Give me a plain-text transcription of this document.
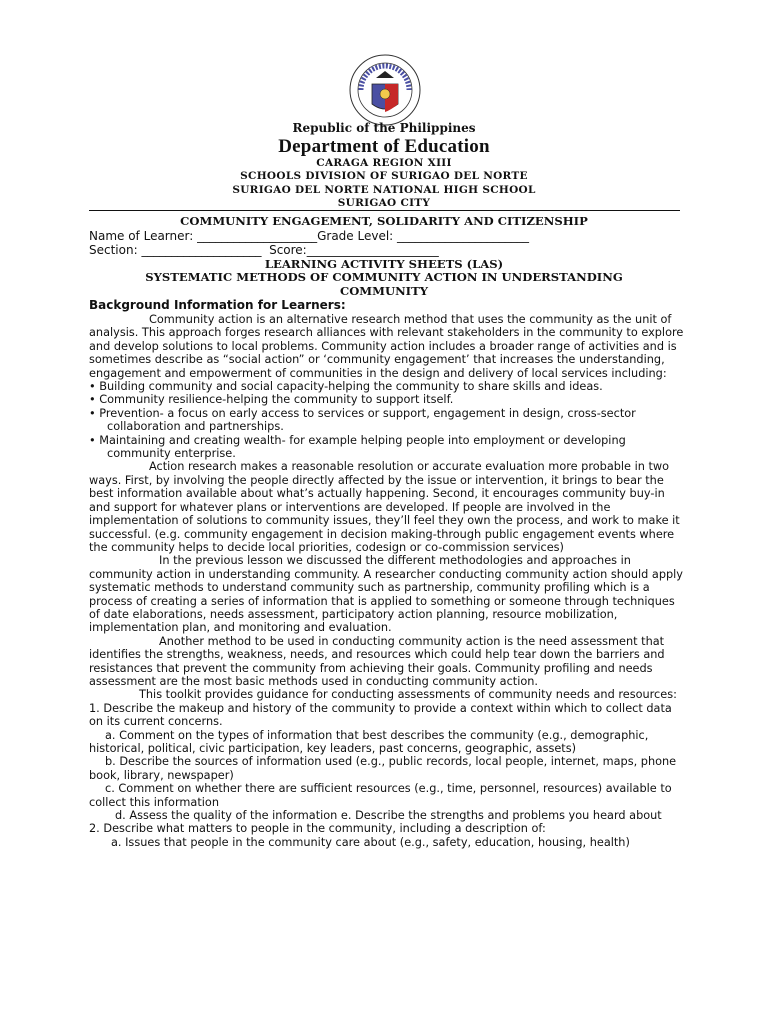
Republic of the Philippines
Department of Education
CARAGA REGION XIII
SCHOOLS DIVISION OF SURIGAO DEL NORTE
SURIGAO DEL NORTE NATIONAL HIGH SCHOOL
SURIGAO CITY
COMMUNITY ENGAGEMENT, SOLIDARITY AND CITIZENSHIP
Name of Learner: ____________________Grade Level: ______________________
Section: ____________________  Score:______________________
LEARNING ACTIVITY SHEETS (LAS)
SYSTEMATIC METHODS OF COMMUNITY ACTION IN UNDERSTANDING
COMMUNITY
Background Information for Learners:

Community action is an alternative research method that uses the community as the unit of analysis. This approach forges research alliances with relevant stakeholders in the community to explore and develop solutions to local problems. Community action includes a broader range of activities and is sometimes describe as “social action” or ‘community engagement’ that increases the understanding, engagement and empowerment of communities in the design and delivery of local services including:

• Building community and social capacity-helping the community to share skills and ideas.

• Community resilience-helping the community to support itself.

• Prevention- a focus on early access to services or support, engagement in design, cross-sector collaboration and partnerships.

• Maintaining and creating wealth- for example helping people into employment or developing community enterprise.

Action research makes a reasonable resolution or accurate evaluation more probable in two ways. First, by involving the people directly affected by the issue or intervention, it brings to bear the best information available about what’s actually happening. Second, it encourages community buy-in and support for whatever plans or interventions are developed. If people are involved in the implementation of solutions to community issues, they’ll feel they own the process, and work to make it successful. (e.g. community engagement in decision making-through public engagement events where the community helps to decide local priorities, codesign or co-commission services)

In the previous lesson we discussed the different methodologies and approaches in community action in understanding community. A researcher conducting community action should apply systematic methods to understand community such as partnership, community profiling which is a process of creating a series of information that is applied to something or someone through techniques of date elaborations, needs assessment, participatory action planning, resource mobilization, implementation plan, and monitoring and evaluation.

Another method to be used in conducting community action is the need assessment that identifies the strengths, weakness, needs, and resources which could help tear down the barriers and resistances that prevent the community from achieving their goals. Community profiling and needs assessment are the most basic methods used in conducting community action.

This toolkit provides guidance for conducting assessments of community needs and resources:

1. Describe the makeup and history of the community to provide a context within which to collect data on its current concerns.

a. Comment on the types of information that best describes the community (e.g., demographic, historical, political, civic participation, key leaders, past concerns, geographic, assets)

b. Describe the sources of information used (e.g., public records, local people, internet, maps, phone book, library, newspaper)

c. Comment on whether there are sufficient resources (e.g., time, personnel, resources) available to collect this information

d. Assess the quality of the information e. Describe the strengths and problems you heard about

2. Describe what matters to people in the community, including a description of:

a. Issues that people in the community care about (e.g., safety, education, housing, health)
